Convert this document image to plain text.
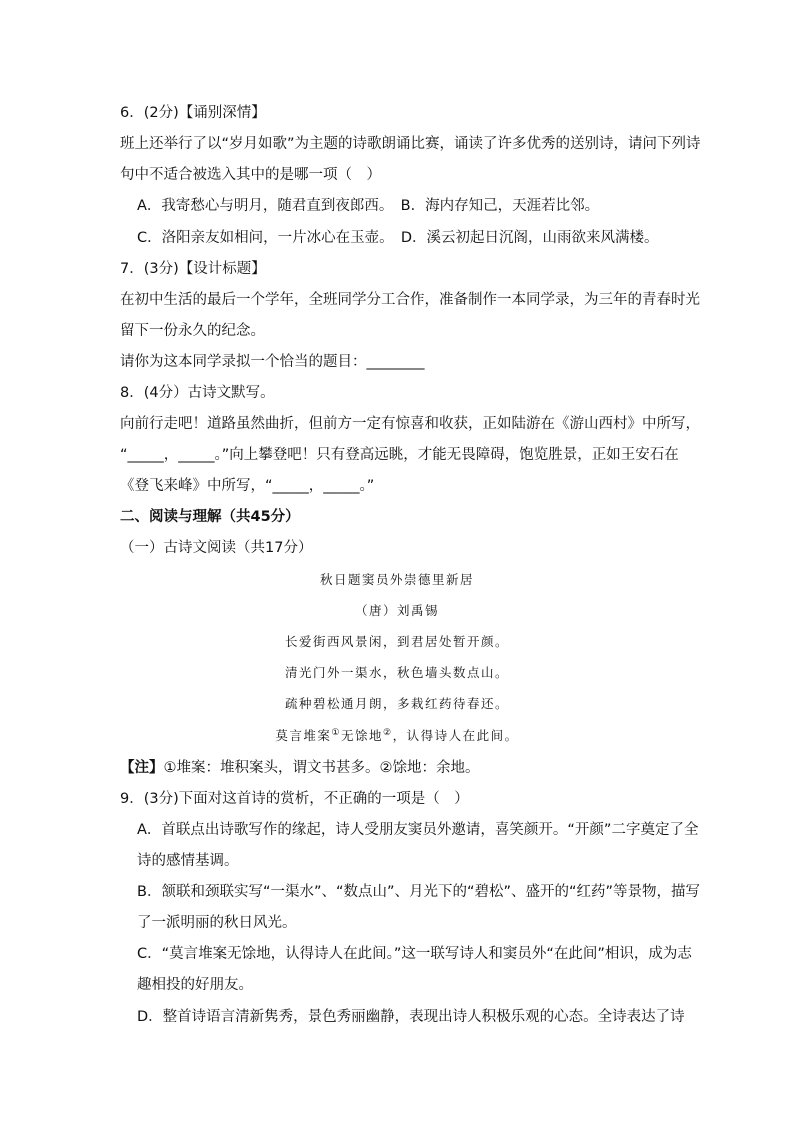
6．(2分)【诵别深情】
班上还举行了以“岁月如歌”为主题的诗歌朗诵比赛，诵读了许多优秀的送别诗，请问下列诗
句中不适合被选入其中的是哪一项（　）
A．我寄愁心与明月，随君直到夜郎西。　B．海内存知己，天涯若比邻。
C．洛阳亲友如相问，一片冰心在玉壶。　D．溪云初起日沉阁，山雨欲来风满楼。
7．(3分)【设计标题】
在初中生活的最后一个学年，全班同学分工合作，准备制作一本同学录，为三年的青春时光
留下一份永久的纪念。
请你为这本同学录拟一个恰当的题目：________
8．(4分）古诗文默写。
向前行走吧！道路虽然曲折，但前方一定有惊喜和收获，正如陆游在《游山西村》中所写，
“_____，_____。”向上攀登吧！只有登高远眺，才能无畏障碍，饱览胜景，正如王安石在
《登飞来峰》中所写，“_____，_____。”
二、阅读与理解（共45分）
（一）古诗文阅读（共17分）
秋日题窦员外崇德里新居
（唐）刘禹锡
长爱街西风景闲，到君居处暂开颜。
清光门外一渠水，秋色墙头数点山。
疏种碧松通月朗，多栽红药待春还。
莫言堆案①无馀地②，认得诗人在此间。
【注】①堆案：堆积案头，谓文书甚多。②馀地：余地。
9．(3分)下面对这首诗的赏析，不正确的一项是（　）
A．首联点出诗歌写作的缘起，诗人受朋友窦员外邀请，喜笑颜开。“开颜”二字奠定了全
诗的感情基调。
B．颔联和颈联实写“一渠水”、“数点山”、月光下的“碧松”、盛开的“红药”等景物，描写
了一派明丽的秋日风光。
C．“莫言堆案无馀地，认得诗人在此间。”这一联写诗人和窦员外“在此间”相识，成为志
趣相投的好朋友。
D．整首诗语言清新隽秀，景色秀丽幽静，表现出诗人积极乐观的心态。全诗表达了诗
